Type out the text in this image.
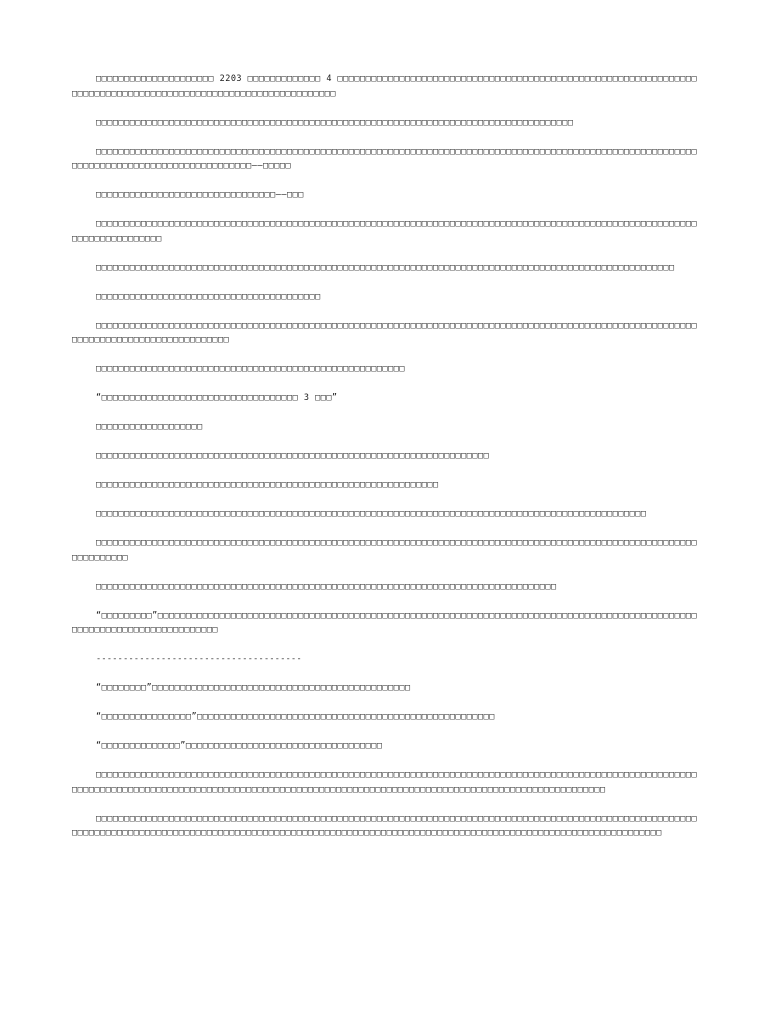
□□□□□□□□□□□□□□□□□□□□□ 2203 □□□□□□□□□□□□□ 4 □□□□□□□□□□□□□□□□□□□□□□□□□□□□□□□□□□□□□□□□□□□□□□□□□□□□□□□□□□□□□□□□□□□□□□□□□□□□□□□□□□□□□□□□□□□□□□□□□□□□□□□□□□□□□□□

□□□□□□□□□□□□□□□□□□□□□□□□□□□□□□□□□□□□□□□□□□□□□□□□□□□□□□□□□□□□□□□□□□□□□□□□□□□□□□□□□□□□□

□□□□□□□□□□□□□□□□□□□□□□□□□□□□□□□□□□□□□□□□□□□□□□□□□□□□□□□□□□□□□□□□□□□□□□□□□□□□□□□□□□□□□□□□□□□□□□□□□□□□□□□□□□□□□□□□□□□□□□□□□□□□□□□□□□□□□□□□□□□——□□□□□

□□□□□□□□□□□□□□□□□□□□□□□□□□□□□□□□——□□□

□□□□□□□□□□□□□□□□□□□□□□□□□□□□□□□□□□□□□□□□□□□□□□□□□□□□□□□□□□□□□□□□□□□□□□□□□□□□□□□□□□□□□□□□□□□□□□□□□□□□□□□□□□□□□□□□□□□□□□□□□□□

□□□□□□□□□□□□□□□□□□□□□□□□□□□□□□□□□□□□□□□□□□□□□□□□□□□□□□□□□□□□□□□□□□□□□□□□□□□□□□□□□□□□□□□□□□□□□□□□□□□□□□□

□□□□□□□□□□□□□□□□□□□□□□□□□□□□□□□□□□□□□□□□

□□□□□□□□□□□□□□□□□□□□□□□□□□□□□□□□□□□□□□□□□□□□□□□□□□□□□□□□□□□□□□□□□□□□□□□□□□□□□□□□□□□□□□□□□□□□□□□□□□□□□□□□□□□□□□□□□□□□□□□□□□□□□□□□□□□□□□□

□□□□□□□□□□□□□□□□□□□□□□□□□□□□□□□□□□□□□□□□□□□□□□□□□□□□□□□

“□□□□□□□□□□□□□□□□□□□□□□□□□□□□□□□□□□□ 3 □□□”

□□□□□□□□□□□□□□□□□□□

□□□□□□□□□□□□□□□□□□□□□□□□□□□□□□□□□□□□□□□□□□□□□□□□□□□□□□□□□□□□□□□□□□□□□□

□□□□□□□□□□□□□□□□□□□□□□□□□□□□□□□□□□□□□□□□□□□□□□□□□□□□□□□□□□□□□

□□□□□□□□□□□□□□□□□□□□□□□□□□□□□□□□□□□□□□□□□□□□□□□□□□□□□□□□□□□□□□□□□□□□□□□□□□□□□□□□□□□□□□□□□□□□□□□□□□

□□□□□□□□□□□□□□□□□□□□□□□□□□□□□□□□□□□□□□□□□□□□□□□□□□□□□□□□□□□□□□□□□□□□□□□□□□□□□□□□□□□□□□□□□□□□□□□□□□□□□□□□□□□□□□□□□□□□□

□□□□□□□□□□□□□□□□□□□□□□□□□□□□□□□□□□□□□□□□□□□□□□□□□□□□□□□□□□□□□□□□□□□□□□□□□□□□□□□□□□

“□□□□□□□□□”□□□□□□□□□□□□□□□□□□□□□□□□□□□□□□□□□□□□□□□□□□□□□□□□□□□□□□□□□□□□□□□□□□□□□□□□□□□□□□□□□□□□□□□□□□□□□□□□□□□□□□□□□□□□□□□□□□□□□□□□□□

--------------------------------------

“□□□□□□□□”□□□□□□□□□□□□□□□□□□□□□□□□□□□□□□□□□□□□□□□□□□□□□□

“□□□□□□□□□□□□□□□□”□□□□□□□□□□□□□□□□□□□□□□□□□□□□□□□□□□□□□□□□□□□□□□□□□□□□□

“□□□□□□□□□□□□□□”□□□□□□□□□□□□□□□□□□□□□□□□□□□□□□□□□□□

□□□□□□□□□□□□□□□□□□□□□□□□□□□□□□□□□□□□□□□□□□□□□□□□□□□□□□□□□□□□□□□□□□□□□□□□□□□□□□□□□□□□□□□□□□□□□□□□□□□□□□□□□□□□□□□□□□□□□□□□□□□□□□□□□□□□□□□□□□□□□□□□□□□□□□□□□□□□□□□□□□□□□□□□□□□□□□□□□□□□□□□□□□□□□□□□□□□□□□□□□□

□□□□□□□□□□□□□□□□□□□□□□□□□□□□□□□□□□□□□□□□□□□□□□□□□□□□□□□□□□□□□□□□□□□□□□□□□□□□□□□□□□□□□□□□□□□□□□□□□□□□□□□□□□□□□□□□□□□□□□□□□□□□□□□□□□□□□□□□□□□□□□□□□□□□□□□□□□□□□□□□□□□□□□□□□□□□□□□□□□□□□□□□□□□□□□□□□□□□□□□□□□□□□□□□□□□□
